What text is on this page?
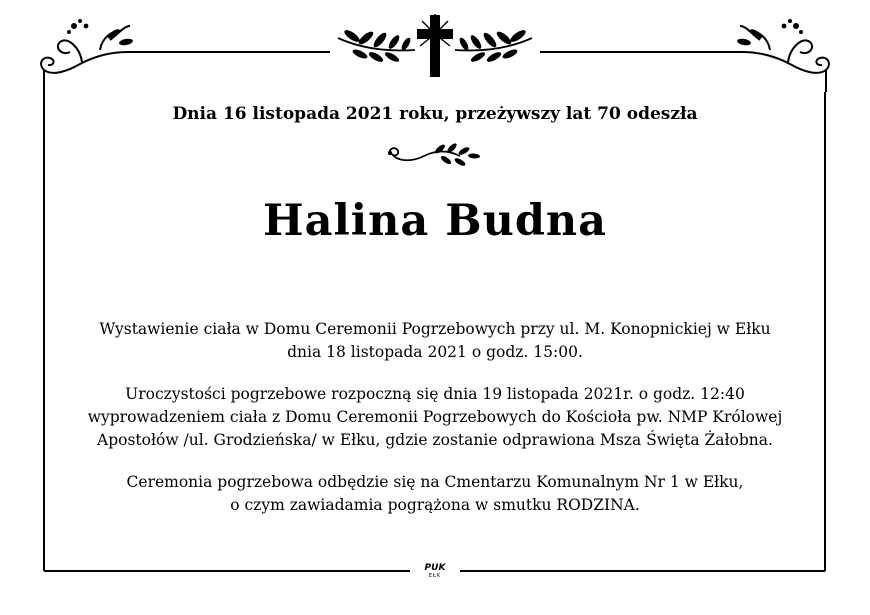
Dnia 16 listopada 2021 roku, przeżywszy lat 70 odeszła
Halina Budna

Wystawienie ciała w Domu Ceremonii Pogrzebowych przy ul. M. Konopnickiej w Ełku
dnia 18 listopada 2021 o godz. 15:00.

Uroczystości pogrzebowe rozpoczną się dnia 19 listopada 2021r. o godz. 12:40
wyprowadzeniem ciała z Domu Ceremonii Pogrzebowych do Kościoła pw. NMP Królowej
Apostołów /ul. Grodzieńska/ w Ełku, gdzie zostanie odprawiona Msza Święta Żałobna.

Ceremonia pogrzebowa odbędzie się na Cmentarzu Komunalnym Nr 1 w Ełku,
o czym zawiadamia pogrążona w smutku RODZINA.

PUK
EŁK
